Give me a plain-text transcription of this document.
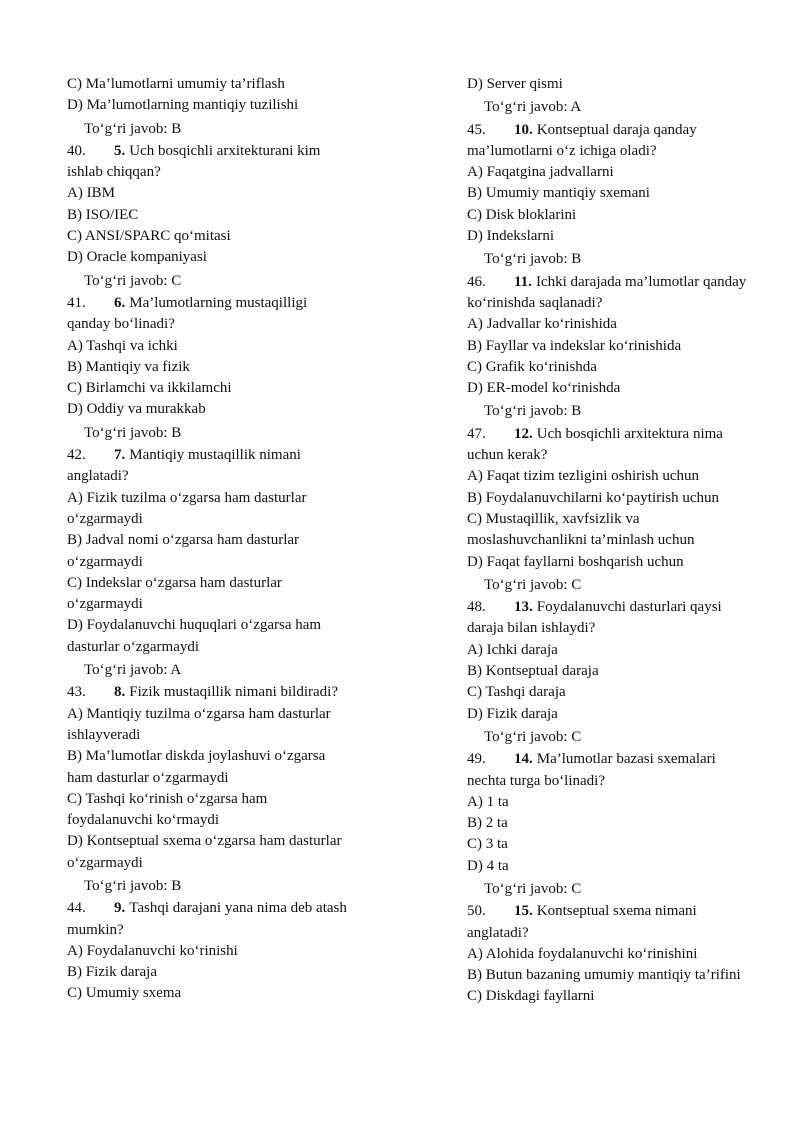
C) Ma’lumotlarni umumiy ta’riflash
D) Ma’lumotlarning mantiqiy tuzilishi
To‘g‘ri javob: B
40.	5. Uch bosqichli arxitekturani kim
ishlab chiqqan?
A) IBM
B) ISO/IEC
C) ANSI/SPARC qo‘mitasi
D) Oracle kompaniyasi
To‘g‘ri javob: C
41.	6. Ma’lumotlarning mustaqilligi
qanday bo‘linadi?
A) Tashqi va ichki
B) Mantiqiy va fizik
C) Birlamchi va ikkilamchi
D) Oddiy va murakkab
To‘g‘ri javob: B
42.	7. Mantiqiy mustaqillik nimani
anglatadi?
A) Fizik tuzilma o‘zgarsa ham dasturlar
o‘zgarmaydi
B) Jadval nomi o‘zgarsa ham dasturlar
o‘zgarmaydi
C) Indekslar o‘zgarsa ham dasturlar
o‘zgarmaydi
D) Foydalanuvchi huquqlari o‘zgarsa ham
dasturlar o‘zgarmaydi
To‘g‘ri javob: A
43.	8. Fizik mustaqillik nimani bildiradi?
A) Mantiqiy tuzilma o‘zgarsa ham dasturlar
ishlayveradi
B) Ma’lumotlar diskda joylashuvi o‘zgarsa
ham dasturlar o‘zgarmaydi
C) Tashqi ko‘rinish o‘zgarsa ham
foydalanuvchi ko‘rmaydi
D) Kontseptual sxema o‘zgarsa ham dasturlar
o‘zgarmaydi
To‘g‘ri javob: B
44.	9. Tashqi darajani yana nima deb atash
mumkin?
A) Foydalanuvchi ko‘rinishi
B) Fizik daraja
C) Umumiy sxema
D) Server qismi
To‘g‘ri javob: A
45.	10. Kontseptual daraja qanday
ma’lumotlarni o‘z ichiga oladi?
A) Faqatgina jadvallarni
B) Umumiy mantiqiy sxemani
C) Disk bloklarini
D) Indekslarni
To‘g‘ri javob: B
46.	11. Ichki darajada ma’lumotlar qanday
ko‘rinishda saqlanadi?
A) Jadvallar ko‘rinishida
B) Fayllar va indekslar ko‘rinishida
C) Grafik ko‘rinishda
D) ER-model ko‘rinishda
To‘g‘ri javob: B
47.	12. Uch bosqichli arxitektura nima
uchun kerak?
A) Faqat tizim tezligini oshirish uchun
B) Foydalanuvchilarni ko‘paytirish uchun
C) Mustaqillik, xavfsizlik va
moslashuvchanlikni ta’minlash uchun
D) Faqat fayllarni boshqarish uchun
To‘g‘ri javob: C
48.	13. Foydalanuvchi dasturlari qaysi
daraja bilan ishlaydi?
A) Ichki daraja
B) Kontseptual daraja
C) Tashqi daraja
D) Fizik daraja
To‘g‘ri javob: C
49.	14. Ma’lumotlar bazasi sxemalari
nechta turga bo‘linadi?
A) 1 ta
B) 2 ta
C) 3 ta
D) 4 ta
To‘g‘ri javob: C
50.	15. Kontseptual sxema nimani
anglatadi?
A) Alohida foydalanuvchi ko‘rinishini
B) Butun bazaning umumiy mantiqiy ta’rifini
C) Diskdagi fayllarni
